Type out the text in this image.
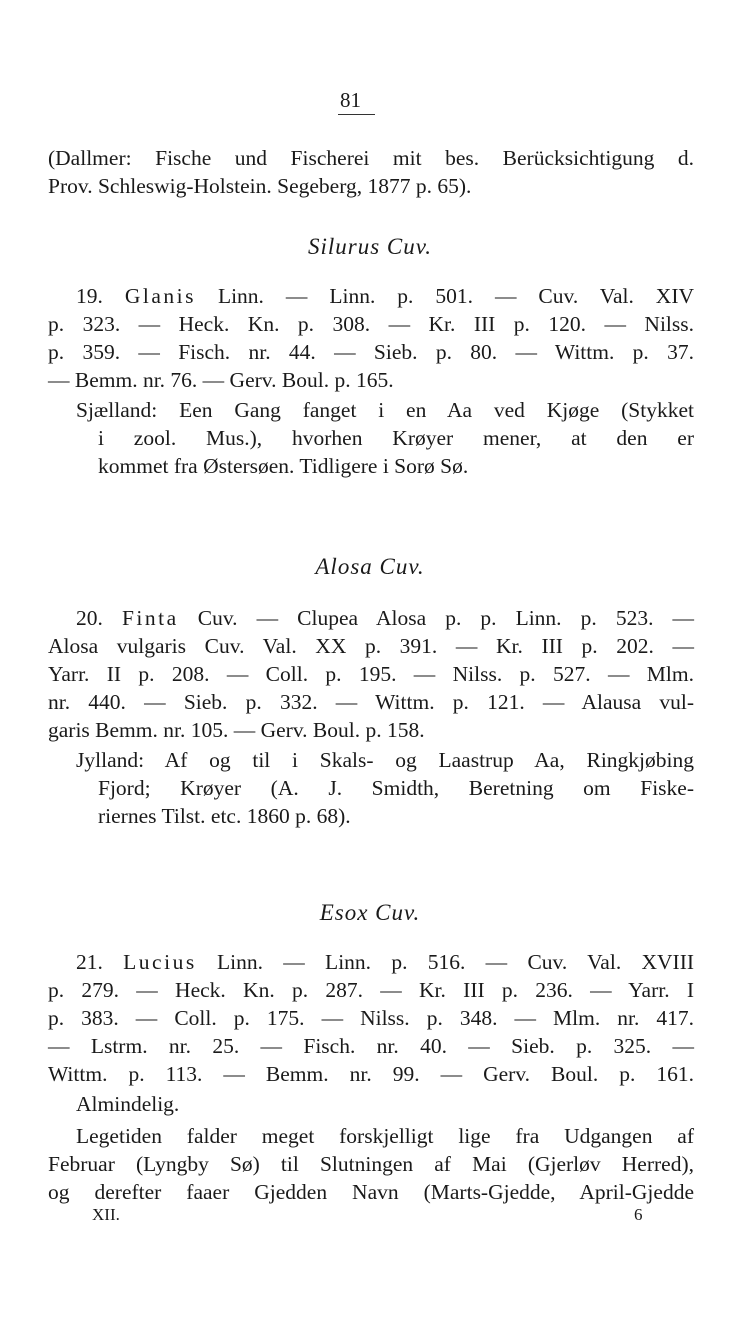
81
(Dallmer: Fische und Fischerei mit bes. Berücksichtigung d.
Prov. Schleswig-Holstein. Segeberg, 1877 p. 65).
Silurus Cuv.
19. Glanis Linn. — Linn. p. 501. — Cuv. Val. XIV
p. 323. — Heck. Kn. p. 308. — Kr. III p. 120. — Nilss.
p. 359. — Fisch. nr. 44. — Sieb. p. 80. — Wittm. p. 37.
— Bemm. nr. 76. — Gerv. Boul. p. 165.
Sjælland: Een Gang fanget i en Aa ved Kjøge (Stykket
i zool. Mus.), hvorhen Krøyer mener, at den er
kommet fra Østersøen. Tidligere i Sorø Sø.
Alosa Cuv.
20. Finta Cuv. — Clupea Alosa p. p. Linn. p. 523. —
Alosa vulgaris Cuv. Val. XX p. 391. — Kr. III p. 202. —
Yarr. II p. 208. — Coll. p. 195. — Nilss. p. 527. — Mlm.
nr. 440. — Sieb. p. 332. — Wittm. p. 121. — Alausa vul-
garis Bemm. nr. 105. — Gerv. Boul. p. 158.
Jylland: Af og til i Skals- og Laastrup Aa, Ringkjøbing
Fjord; Krøyer (A. J. Smidth, Beretning om Fiske-
riernes Tilst. etc. 1860 p. 68).
Esox Cuv.
21. Lucius Linn. — Linn. p. 516. — Cuv. Val. XVIII
p. 279. — Heck. Kn. p. 287. — Kr. III p. 236. — Yarr. I
p. 383. — Coll. p. 175. — Nilss. p. 348. — Mlm. nr. 417.
— Lstrm. nr. 25. — Fisch. nr. 40. — Sieb. p. 325. —
Wittm. p. 113. — Bemm. nr. 99. — Gerv. Boul. p. 161.
Almindelig.
Legetiden falder meget forskjelligt lige fra Udgangen af
Februar (Lyngby Sø) til Slutningen af Mai (Gjerløv Herred),
og derefter faaer Gjedden Navn (Marts-Gjedde, April-Gjedde
XII.	6
